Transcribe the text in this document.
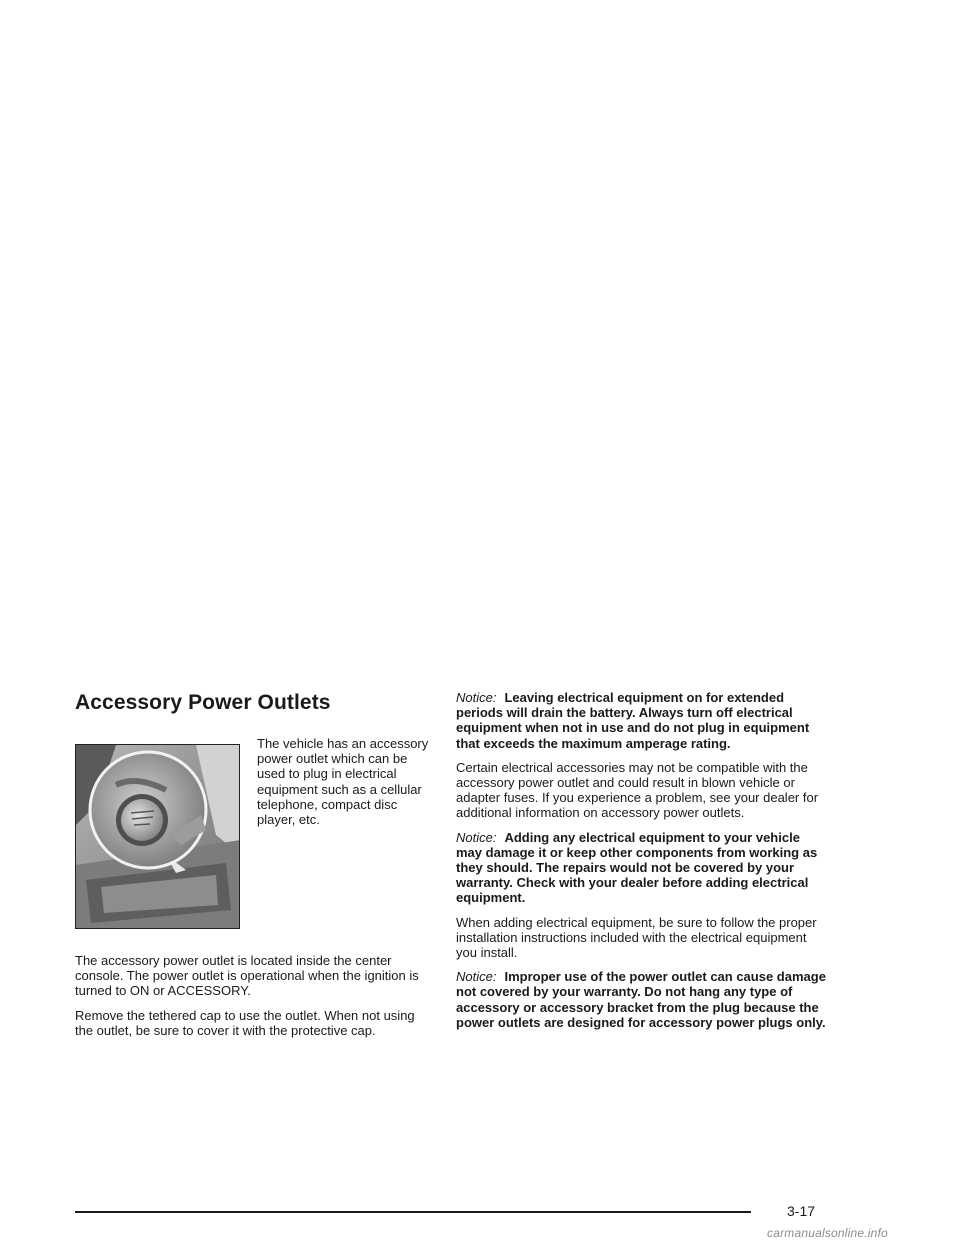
Accessory Power Outlets

The vehicle has an accessory power outlet which can be used to plug in electrical equipment such as a cellular telephone, compact disc player, etc.

The accessory power outlet is located inside the center console. The power outlet is operational when the ignition is turned to ON or ACCESSORY.

Remove the tethered cap to use the outlet. When not using the outlet, be sure to cover it with the protective cap.

Notice: Leaving electrical equipment on for extended periods will drain the battery. Always turn off electrical equipment when not in use and do not plug in equipment that exceeds the maximum amperage rating.

Certain electrical accessories may not be compatible with the accessory power outlet and could result in blown vehicle or adapter fuses. If you experience a problem, see your dealer for additional information on accessory power outlets.

Notice: Adding any electrical equipment to your vehicle may damage it or keep other components from working as they should. The repairs would not be covered by your warranty. Check with your dealer before adding electrical equipment.

When adding electrical equipment, be sure to follow the proper installation instructions included with the electrical equipment you install.

Notice: Improper use of the power outlet can cause damage not covered by your warranty. Do not hang any type of accessory or accessory bracket from the plug because the power outlets are designed for accessory power plugs only.

3-17
carmanualsonline.info
